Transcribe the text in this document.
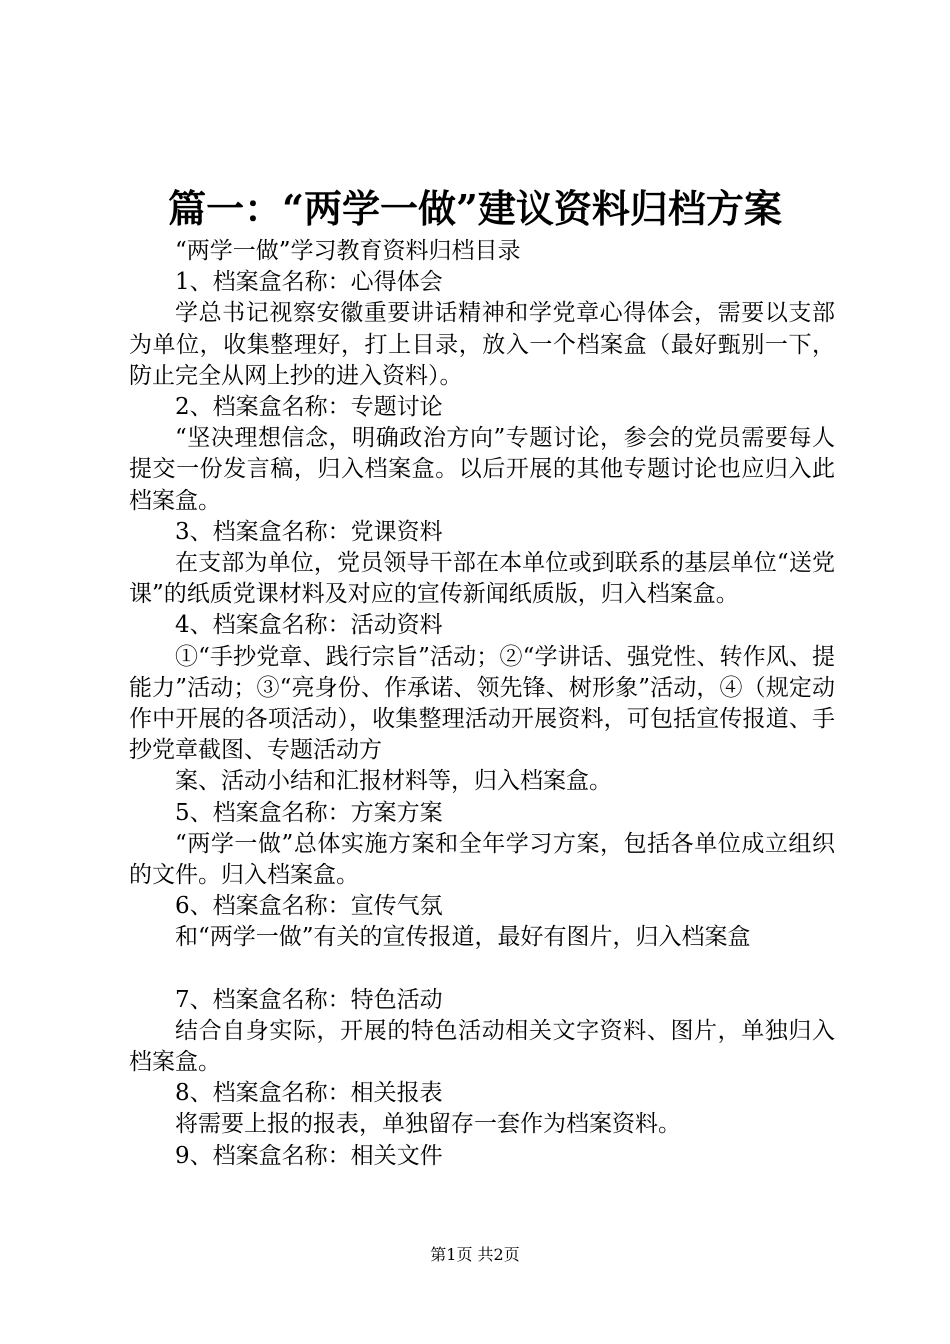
篇一：“两学一做”建议资料归档方案

“两学一做”学习教育资料归档目录

1、档案盒名称：心得体会

学总书记视察安徽重要讲话精神和学党章心得体会，需要以支部为单位，收集整理好，打上目录，放入一个档案盒（最好甄别一下，防止完全从网上抄的进入资料）。

2、档案盒名称：专题讨论

“坚决理想信念，明确政治方向”专题讨论，参会的党员需要每人提交一份发言稿，归入档案盒。以后开展的其他专题讨论也应归入此档案盒。

3、档案盒名称：党课资料

在支部为单位，党员领导干部在本单位或到联系的基层单位“送党课”的纸质党课材料及对应的宣传新闻纸质版，归入档案盒。

4、档案盒名称：活动资料

①“手抄党章、践行宗旨”活动；②“学讲话、强党性、转作风、提能力”活动；③“亮身份、作承诺、领先锋、树形象”活动，④（规定动作中开展的各项活动），收集整理活动开展资料，可包括宣传报道、手抄党章截图、专题活动方

案、活动小结和汇报材料等，归入档案盒。

5、档案盒名称：方案方案

“两学一做”总体实施方案和全年学习方案，包括各单位成立组织的文件。归入档案盒。

6、档案盒名称：宣传气氛

和“两学一做”有关的宣传报道，最好有图片，归入档案盒

7、档案盒名称：特色活动

结合自身实际，开展的特色活动相关文字资料、图片，单独归入档案盒。

8、档案盒名称：相关报表

将需要上报的报表，单独留存一套作为档案资料。

9、档案盒名称：相关文件

第1页 共2页
